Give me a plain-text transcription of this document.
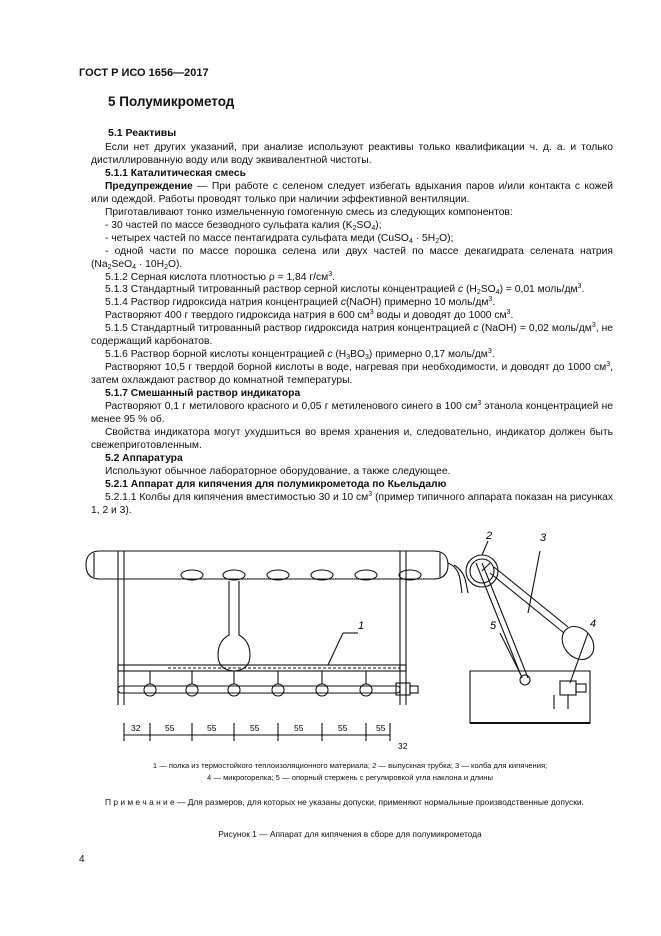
ГОСТ Р ИСО 1656—2017
5 Полумикрометод
5.1 Реактивы

Если нет других указаний, при анализе используют реактивы только квалификации ч. д. а. и только дистиллированную воду или воду эквивалентной чистоты.

5.1.1 Каталитическая смесь

Предупреждение — При работе с селеном следует избегать вдыхания паров и/или контакта с кожей или одеждой. Работы проводят только при наличии эффективной вентиляции.

Приготавливают тонко измельченную гомогенную смесь из следующих компонентов:

- 30 частей по массе безводного сульфата калия $(K_2SO_4)$;

- четырех частей по массе пентагидрата сульфата меди (CuSO$_4$ · $5H_2O$);

- одной части по массе порошка селена или двух частей по массе декагидрата селената натрия $(Na_2SeO_4 \cdot 10H_2O)$.

5.1.2 Серная кислота плотностью ρ = 1,84 $г/см^3$.

5.1.3 Стандартный титрованный раствор серной кислоты концентрацией c $(H_2SO_4) = 0,01$ моль/$дм^3$.

5.1.4 Раствор гидроксида натрия концентрацией c(NaOH) примерно 10 моль/$дм^3$.

Растворяют 400 г твердого гидроксида натрия в 600 $см^3$ воды и доводят до 1000 $см^3$.

5.1.5 Стандартный титрованный раствор гидроксида натрия концентрацией c (NaOH) = 0,02 моль/$дм^3$, не содержащий карбонатов.

5.1.6 Раствор борной кислоты концентрацией c $(H_3BO_3)$ примерно 0,17 моль/$дм^3$.

Растворяют 10,5 г твердой борной кислоты в воде, нагревая при необходимости, и доводят до 1000 $см^3$, затем охлаждают раствор до комнатной температуры.

5.1.7 Смешанный раствор индикатора

Растворяют 0,1 г метилового красного и 0,05 г метиленового синего в 100 $см^3$ этанола концентрацией не менее 95 % об.

Свойства индикатора могут ухудшиться во время хранения и, следовательно, индикатор должен быть свежеприготовленным.

5.2 Аппаратура

Используют обычное лабораторное оборудование, а также следующее.

5.2.1 Аппарат для кипячения для полумикрометода по Кьельдалю

5.2.1.1 Колбы для кипячения вместимостью 30 и 10 $см^3$ (пример типичного аппарата показан на рисунках 1, 2 и 3).

1
2	3
4
5
32	55	55	55	55	55	55
32
1 — полка из термостойкого теплоизоляционного материала; 2 — выпускная трубка; 3 — колба для кипячения;
4 — микрогорелка; 5 — опорный стержень с регулировкой угла наклона и длины
П р и м е ч а н и е — Для размеров, для которых не указаны допуски, применяют нормальные производственные допуски.
Рисунок 1 — Аппарат для кипячения в сборе для полумикрометода
4
